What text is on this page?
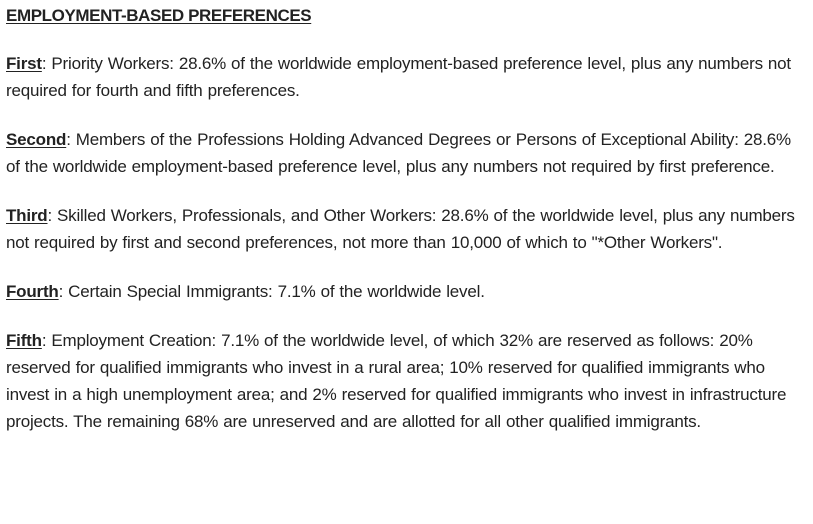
EMPLOYMENT-BASED PREFERENCES

First: Priority Workers: 28.6% of the worldwide employment-based preference level, plus any numbers not required for fourth and fifth preferences.

Second: Members of the Professions Holding Advanced Degrees or Persons of Exceptional Ability: 28.6% of the worldwide employment-based preference level, plus any numbers not required by first preference.

Third: Skilled Workers, Professionals, and Other Workers: 28.6% of the worldwide level, plus any numbers not required by first and second preferences, not more than 10,000 of which to "*Other Workers".

Fourth: Certain Special Immigrants: 7.1% of the worldwide level.

Fifth: Employment Creation: 7.1% of the worldwide level, of which 32% are reserved as follows: 20% reserved for qualified immigrants who invest in a rural area; 10% reserved for qualified immigrants who invest in a high unemployment area; and 2% reserved for qualified immigrants who invest in infrastructure projects. The remaining 68% are unreserved and are allotted for all other qualified immigrants.
